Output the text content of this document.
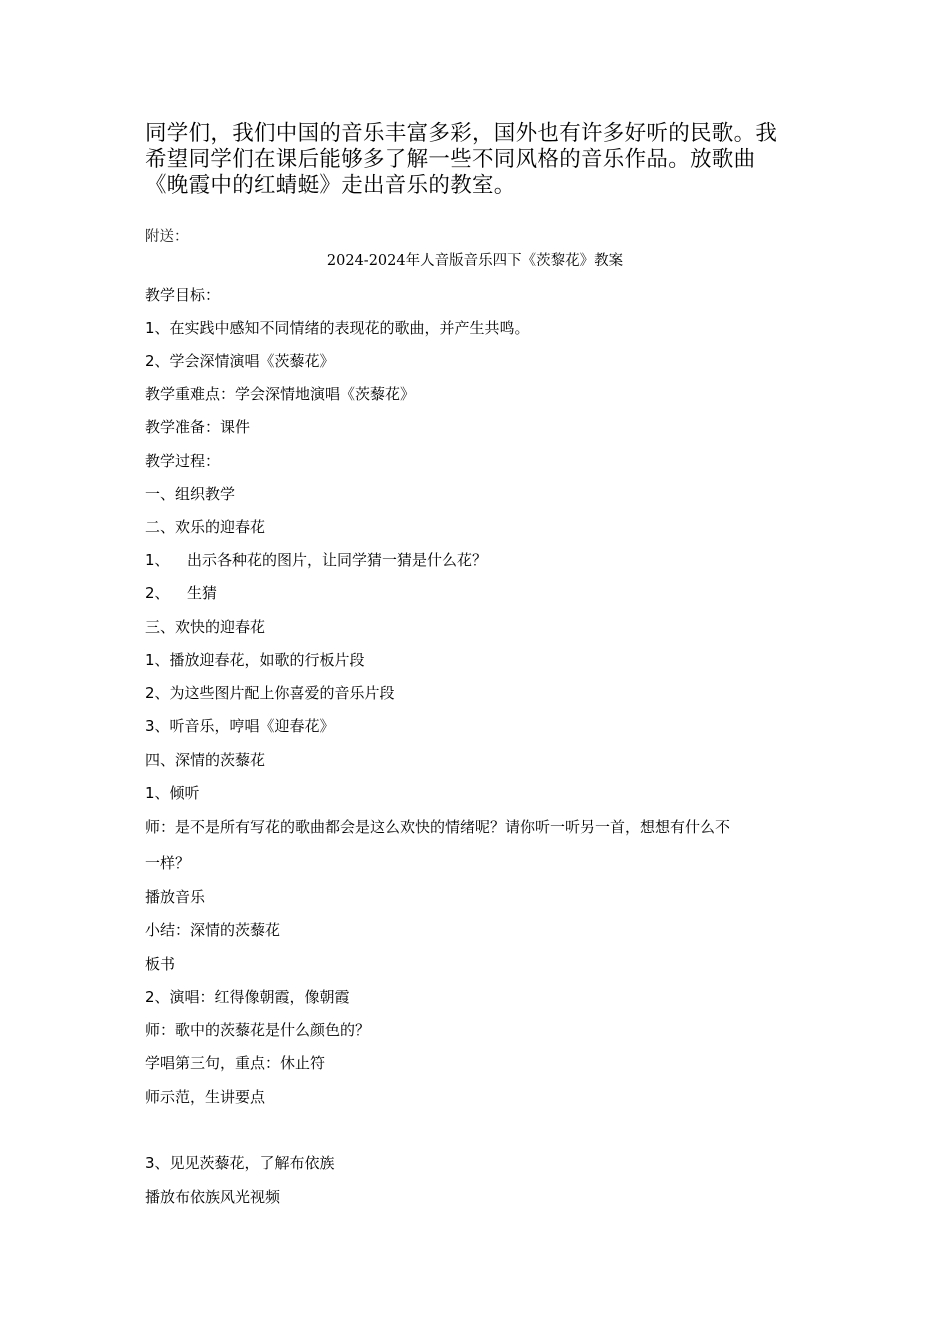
同学们，我们中国的音乐丰富多彩，国外也有许多好听的民歌。我
希望同学们在课后能够多了解一些不同风格的音乐作品。放歌曲
《晚霞中的红蜻蜓》走出音乐的教室。
附送：
2024-2024年人音版音乐四下《茨黎花》教案
教学目标：
1、在实践中感知不同情绪的表现花的歌曲，并产生共鸣。
2、学会深情演唱《茨藜花》
教学重难点：学会深情地演唱《茨藜花》
教学准备：课件
教学过程：
一、组织教学
二、欢乐的迎春花
1、 出示各种花的图片，让同学猜一猜是什么花？
2、 生猜
三、欢快的迎春花
1、播放迎春花，如歌的行板片段
2、为这些图片配上你喜爱的音乐片段
3、听音乐，哼唱《迎春花》
四、深情的茨藜花
1、倾听
师：是不是所有写花的歌曲都会是这么欢快的情绪呢？请你听一听另一首，想想有什么不
一样？
播放音乐
小结：深情的茨藜花
板书
2、演唱：红得像朝霞，像朝霞
师：歌中的茨藜花是什么颜色的？
学唱第三句，重点：休止符
师示范，生讲要点
3、见见茨藜花，了解布依族
播放布依族风光视频
